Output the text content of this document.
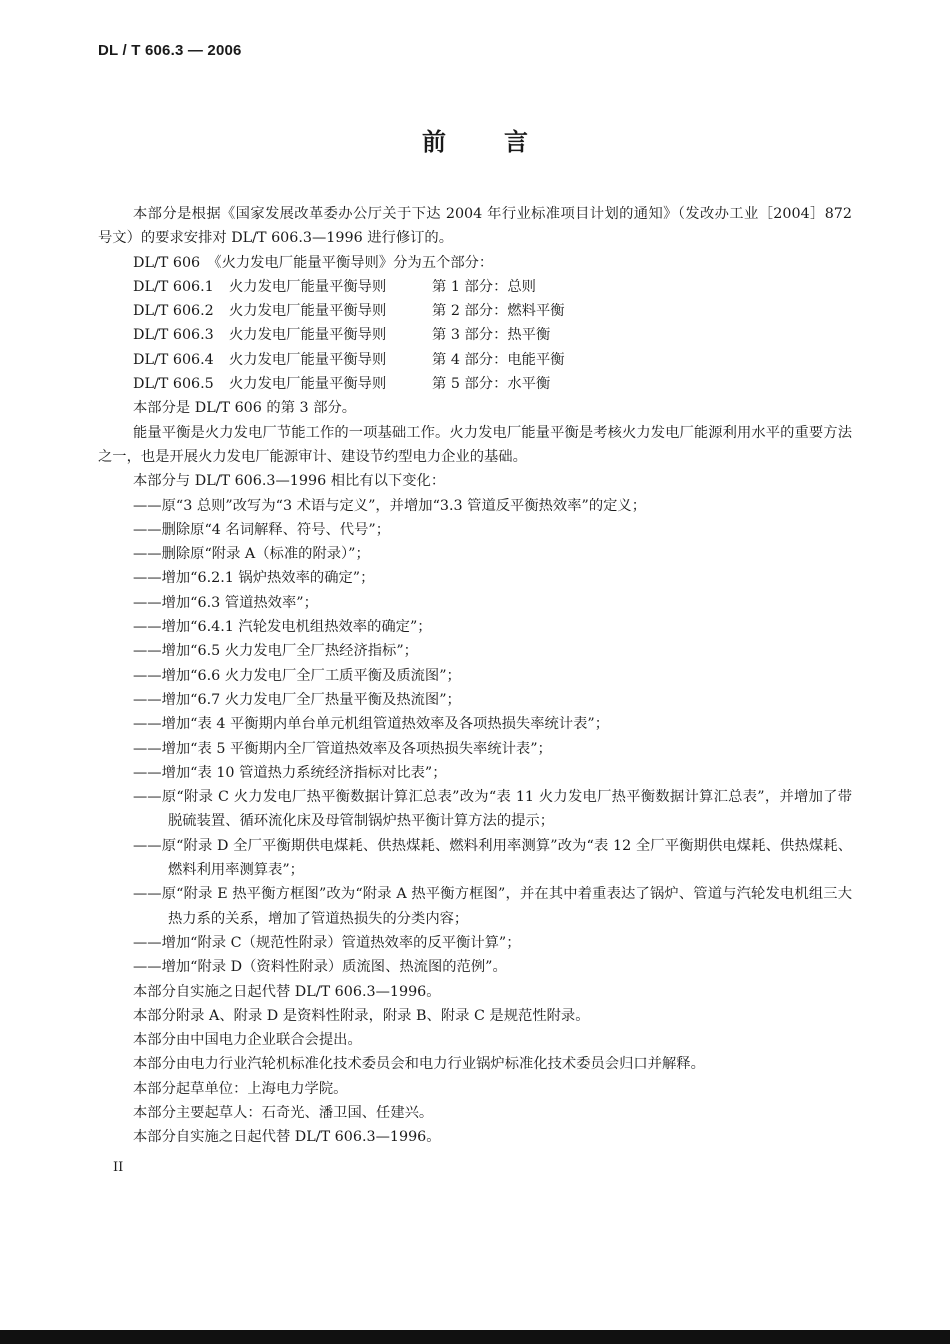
DL / T 606.3 — 2006
前 言

本部分是根据《国家发展改革委办公厅关于下达 2004 年行业标准项目计划的通知》（发改办工业［2004］872 号文）的要求安排对 DL/T 606.3—1996 进行修订的。

DL/T 606　《火力发电厂能量平衡导则》分为五个部分：

DL/T 606.1	火力发电厂能量平衡导则	第 1 部分：总则
DL/T 606.2	火力发电厂能量平衡导则	第 2 部分：燃料平衡
DL/T 606.3	火力发电厂能量平衡导则	第 3 部分：热平衡
DL/T 606.4	火力发电厂能量平衡导则	第 4 部分：电能平衡
DL/T 606.5	火力发电厂能量平衡导则	第 5 部分：水平衡

本部分是 DL/T 606 的第 3 部分。

能量平衡是火力发电厂节能工作的一项基础工作。火力发电厂能量平衡是考核火力发电厂能源利用水平的重要方法之一，也是开展火力发电厂能源审计、建设节约型电力企业的基础。

本部分与 DL/T 606.3—1996 相比有以下变化：

——原“3 总则”改写为“3 术语与定义”，并增加“3.3 管道反平衡热效率”的定义；

——删除原“4 名词解释、符号、代号”；

——删除原“附录 A（标准的附录）”；

——增加“6.2.1 锅炉热效率的确定”；

——增加“6.3 管道热效率”；

——增加“6.4.1 汽轮发电机组热效率的确定”；

——增加“6.5 火力发电厂全厂热经济指标”；

——增加“6.6 火力发电厂全厂工质平衡及质流图”；

——增加“6.7 火力发电厂全厂热量平衡及热流图”；

——增加“表 4 平衡期内单台单元机组管道热效率及各项热损失率统计表”；

——增加“表 5 平衡期内全厂管道热效率及各项热损失率统计表”；

——增加“表 10 管道热力系统经济指标对比表”；

——原“附录 C 火力发电厂热平衡数据计算汇总表”改为“表 11 火力发电厂热平衡数据计算汇总表”，并增加了带脱硫装置、循环流化床及母管制锅炉热平衡计算方法的提示；

——原“附录 D 全厂平衡期供电煤耗、供热煤耗、燃料利用率测算”改为“表 12 全厂平衡期供电煤耗、供热煤耗、燃料利用率测算表”；

——原“附录 E 热平衡方框图”改为“附录 A 热平衡方框图”，并在其中着重表达了锅炉、管道与汽轮发电机组三大热力系的关系，增加了管道热损失的分类内容；

——增加“附录 C（规范性附录）管道热效率的反平衡计算”；

——增加“附录 D（资料性附录）质流图、热流图的范例”。

本部分自实施之日起代替 DL/T 606.3—1996。

本部分附录 A、附录 D 是资料性附录，附录 B、附录 C 是规范性附录。

本部分由中国电力企业联合会提出。

本部分由电力行业汽轮机标准化技术委员会和电力行业锅炉标准化技术委员会归口并解释。

本部分起草单位：上海电力学院。

本部分主要起草人：石奇光、潘卫国、任建兴。

本部分自实施之日起代替 DL/T 606.3—1996。

II
